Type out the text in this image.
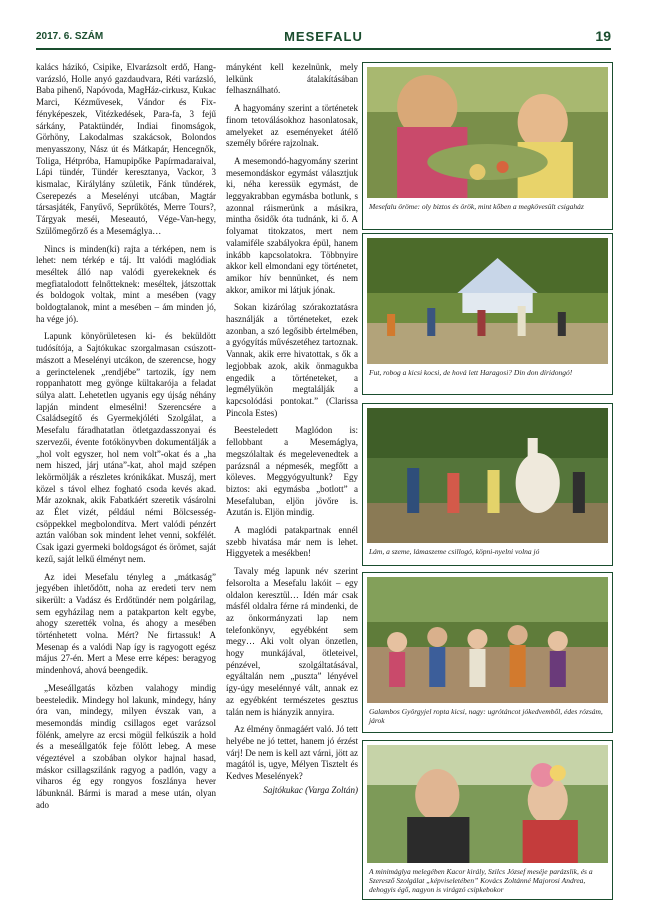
2017. 6. SZÁM	MESEFALU	19

kalács házikó, Csipike, Elvarázsolt erdő, Hang-varázsló, Holle anyó gazdaudvara, Réti varázsló, Baba pihenő, Napóvoda, MagHáz-cirkusz, Kukac Marci, Kézművesek, Vándor és Fix-fényképeszek, Vitézkedések, Para-fa, 3 fejű sárkány, Pataktündér, Indiai finomságok, Görhöny, Lakodalmas szakácsok, Bolondos menyasszony, Nász út és Mátkapár, Hencegnők, Toliga, Hétpróba, Hamupipőke Papírmadaraival, Lápi tündér, Tündér keresztanya, Vackor, 3 kismalac, Királylány születik, Fánk tündérek, Cserepezés a Meselényi utcában, Magtár társasjáték, Fanyűvő, Seprűkötés, Merre Tours?, Tárgyak meséi, Meseautó, Vége-Van-hegy, Szülőmegőrző és a Mesemáglya…

Nincs is minden(ki) rajta a térképen, nem is lehet: nem térkép e táj. Itt valódi maglódiak meséltek álló nap valódi gyerekeknek és megfiatalodott felnőtteknek: meséltek, játszottak és boldogok voltak, mint a mesében (vagy boldogtalanok, mint a mesében – ám minden jó, ha vége jó).

Lapunk könyörületesen ki- és beküldött tudósítója, a Sajtókukac szorgalmasan csúszott-mászott a Meselényi utcákon, de szerencse, hogy a gerinctelenek „rendjébe” tartozik, így nem roppanhatott meg gyönge kültakarója a feladat súlya alatt. Lehetetlen ugyanis egy újság néhány lapján mindent elmesélni! Szerencsére a Családsegítő és Gyermekjóléti Szolgálat, a Mesefalu fáradhatatlan ötletgazdasszonyai és szervezői, évente fotókönyvben dokumentálják a „hol volt egyszer, hol nem volt”-okat és a „ha nem hiszed, járj utána”-kat, ahol majd szépen lekörmölják a részletes krónikákat. Muszáj, mert közel s távol elhez fogható csoda kevés akad. Már azoknak, akik Fabatkáért szeretik vásárolni az Élet vizét, például némi Bölcsesség-csöppekkel megbolondítva. Mert valódi pénzért aztán valóban sok mindent lehet venni, sokfélét. Csak igazi gyermeki boldogságot és örömet, saját kezű, saját lelkű élményt nem.

Az idei Mesefalu tényleg a „mátkaság” jegyében ihletődött, noha az eredeti terv nem sikerült: a Vadász és Erdőtündér nem polgárilag, sem egyházilag nem a patakparton kelt egybe, ahogy szerették volna, és ahogy a mesében történhetett volna. Mért? Ne firtassuk! A Mesenap és a valódi Nap így is ragyogott egész május 27-én. Mert a Mese erre képes: beragyog mindenhová, ahová beengedik.

„Meseállgatás közben valahogy mindig beesteledik. Mindegy hol lakunk, mindegy, hány óra van, mindegy, milyen évszak van, a mesemondás mindig csillagos eget varázsol fölénk, amelyre az ercsi mögül felkúszik a hold és a meseállgatók feje fölött lebeg. A mese végeztével a szobában olykor hajnal hasad, máskor csillagszilánk ragyog a padlón, vagy a viharos ég egy rongyos foszlánya hever lábunknál. Bármi is marad a mese után, olyan ado

mányként kell kezelnünk, mely lelkünk átalakításában felhasználható.

A hagyomány szerint a történetek finom tetoválásokhoz hasonlatosak, amelyeket az eseményeket átélő személy bőrére rajzolnak.

A mesemondó-hagyomány szerint mesemondáskor egymást választjuk ki, néha keressük egymást, de leggyakrabban egymásba botlunk, s azonnal ráismerünk a másikra, mintha ősidők óta tudnánk, ki ő. A folyamat titokzatos, mert nem valamiféle szabályokra épül, hanem inkább kapcsolatokra. Többnyire akkor kell elmondani egy történetet, amikor hív bennünket, és nem akkor, amikor mi látjuk jónak.

Sokan kizárólag szórakoztatásra használják a történeteket, ezek azonban, a szó legősibb értelmében, a gyógyítás művészetéhez tartoznak. Vannak, akik erre hivatottak, s ők a legjobbak azok, akik önmagukba engedik a történeteket, a legmélyükön megtalálják a kapcsolódási pontokat.” (Clarissa Pincola Estes)

Beesteledett Maglódon is: fellobbant a Mesemáglya, megszólaltak és megelevenedtek a parázsnál a népmesék, megfőtt a köleves. Meggyógyultunk? Egy biztos: aki egymásba „botlott” a Mesefaluban, eljön jövőre is. Azután is. Eljön mindig.

A maglódi patakpartnak ennél szebb hivatása már nem is lehet. Higgyetek a mesékben!

Tavaly még lapunk név szerint felsorolta a Mesefalu lakóit – egy oldalon keresztül… Idén már csak másfél oldalra férne rá mindenki, de az önkormányzati lap nem telefonkönyv, egyébként sem megy… Aki volt olyan önzetlen, hogy munkájával, ötleteivel, pénzével, szolgáltatásával, egyáltalán nem „puszta” lényével így-úgy meselénnyé vált, annak ez az egyébként természetes gesztus talán nem is hiányzik annyira.

Az élmény önmagáért való. Jó tett helyébe ne jó tettet, hanem jó érzést várj! De nem is kell azt várni, jött az magától is, ugye, Mélyen Tisztelt és Kedves Meselények?

Sajtókukac (Varga Zoltán)

Mesefalu öröme: oly biztos és örök, mint kőben a megkövesült csigaház
Fut, robog a kicsi kocsi, de hová lett Haragosi? Din don díridongó!
Lám, a szeme, lámaszeme csillogó, köpni-nyelni volna jó
Galambos Györgyjel ropta kicsi, nagy: ugrótáncot jókedvemből, édes rózsám, járok
A minimáglya melegében Kacor király, Szilcs József meséje parázslik, és a Szeresző Szolgálat „képviseletében” Kovács Zoltánné Majorosi Andrea, dehogyis égő, nagyon is virágzó csipkebokor
